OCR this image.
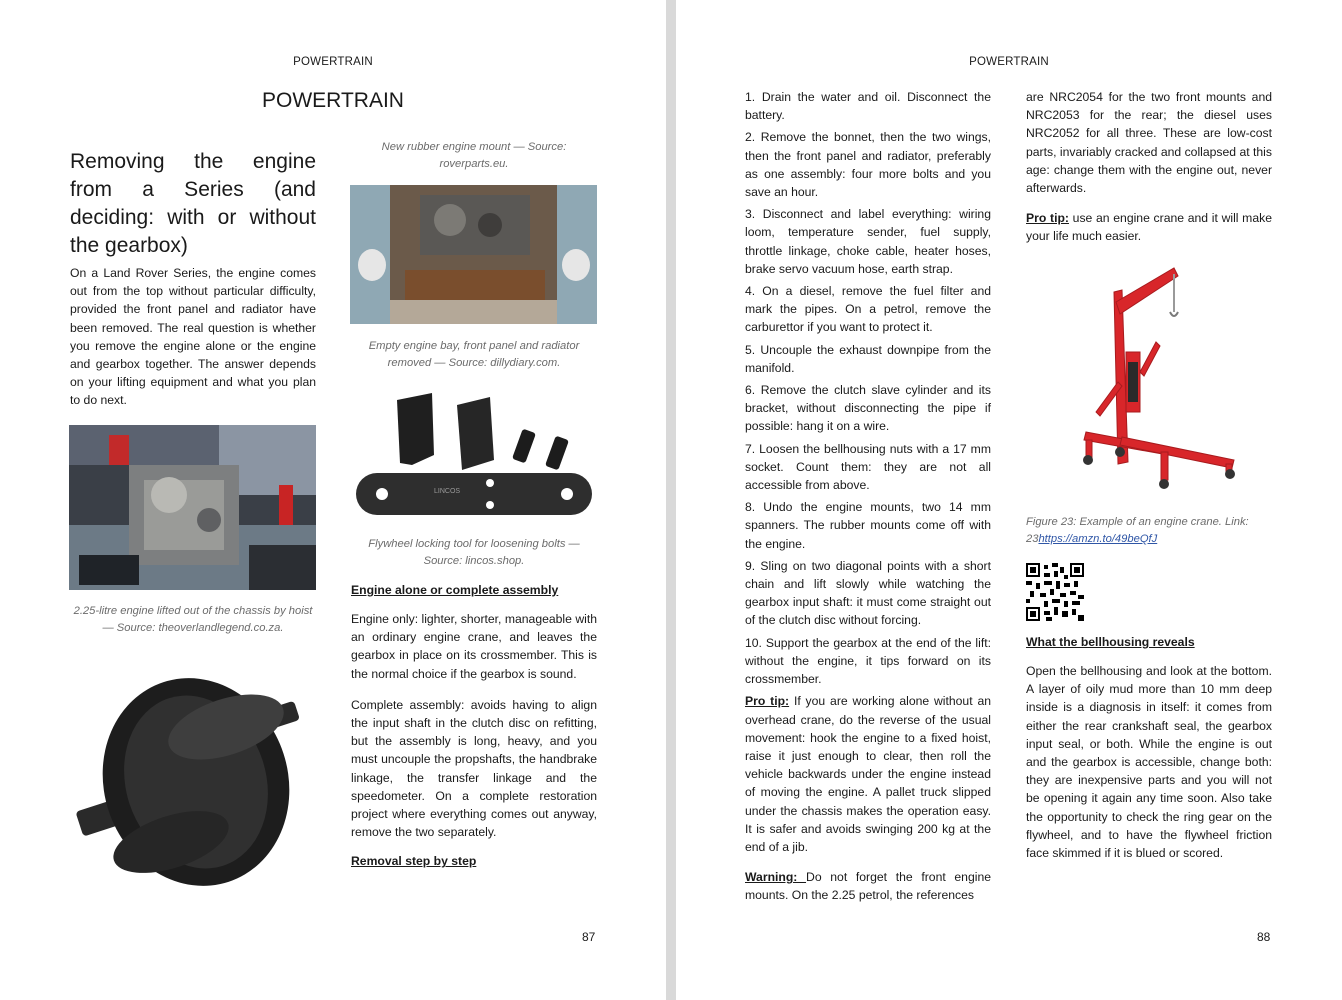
POWERTRAIN
POWERTRAIN
Removing the engine from a Series (and deciding: with or without the gearbox)

On a Land Rover Series, the engine comes out from the top without particular difficulty, provided the front panel and radiator have been removed. The real question is whether you remove the engine alone or the engine and gearbox together. The answer depends on your lifting equipment and what you plan to do next.

2.25-litre engine lifted out of the chassis by hoist — Source: theoverlandlegend.co.za.

New rubber engine mount — Source: roverparts.eu.

Empty engine bay, front panel and radiator removed — Source: dillydiary.com.

LINCOS

Flywheel locking tool for loosening bolts — Source: lincos.shop.

Engine alone or complete assembly

Engine only: lighter, shorter, manageable with an ordinary engine crane, and leaves the gearbox in place on its crossmember. This is the normal choice if the gearbox is sound.

Complete assembly: avoids having to align the input shaft in the clutch disc on refitting, but the assembly is long, heavy, and you must uncouple the propshafts, the handbrake linkage, the transfer linkage and the speedometer. On a complete restoration project where everything comes out anyway, remove the two separately.

Removal step by step

87
POWERTRAIN

1. Drain the water and oil. Disconnect the battery.

2. Remove the bonnet, then the two wings, then the front panel and radiator, preferably as one assembly: four more bolts and you save an hour.

3. Disconnect and label everything: wiring loom, temperature sender, fuel supply, throttle linkage, choke cable, heater hoses, brake servo vacuum hose, earth strap.

4. On a diesel, remove the fuel filter and mark the pipes. On a petrol, remove the carburettor if you want to protect it.

5. Uncouple the exhaust downpipe from the manifold.

6. Remove the clutch slave cylinder and its bracket, without disconnecting the pipe if possible: hang it on a wire.

7. Loosen the bellhousing nuts with a 17 mm socket. Count them: they are not all accessible from above.

8. Undo the engine mounts, two 14 mm spanners. The rubber mounts come off with the engine.

9. Sling on two diagonal points with a short chain and lift slowly while watching the gearbox input shaft: it must come straight out of the clutch disc without forcing.

10. Support the gearbox at the end of the lift: without the engine, it tips forward on its crossmember.

Pro tip: If you are working alone without an overhead crane, do the reverse of the usual movement: hook the engine to a fixed hoist, raise it just enough to clear, then roll the vehicle backwards under the engine instead of moving the engine. A pallet truck slipped under the chassis makes the operation easy. It is safer and avoids swinging 200 kg at the end of a jib.

Warning: Do not forget the front engine mounts. On the 2.25 petrol, the references

are NRC2054 for the two front mounts and NRC2053 for the rear; the diesel uses NRC2052 for all three. These are low-cost parts, invariably cracked and collapsed at this age: change them with the engine out, never afterwards.

Pro tip: use an engine crane and it will make your life much easier.

Figure 23: Example of an engine crane. Link: 23https://amzn.to/49beQfJ

What the bellhousing reveals

Open the bellhousing and look at the bottom. A layer of oily mud more than 10 mm deep inside is a diagnosis in itself: it comes from either the rear crankshaft seal, the gearbox input seal, or both. While the engine is out and the gearbox is accessible, change both: they are inexpensive parts and you will not be opening it again any time soon. Also take the opportunity to check the ring gear on the flywheel, and to have the flywheel friction face skimmed if it is blued or scored.

88
